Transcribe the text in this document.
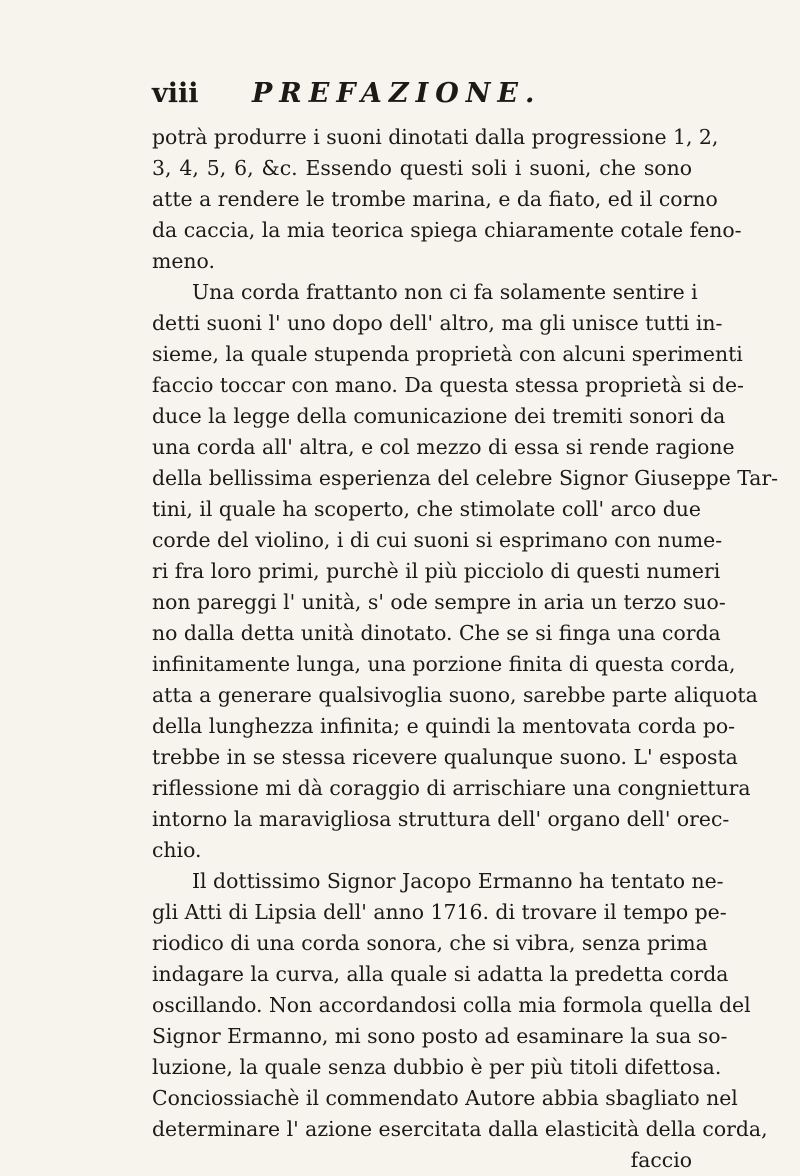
viii PREFAZIONE.
potrà produrre i suoni dinotati dalla progressione 1, 2,
3, 4, 5, 6, &c. Essendo questi soli i suoni, che sono
atte a rendere le trombe marina, e da fiato, ed il corno
da caccia, la mia teorica spiega chiaramente cotale feno-
meno.
Una corda frattanto non ci fa solamente sentire i
detti suoni l' uno dopo dell' altro, ma gli unisce tutti in-
sieme, la quale stupenda proprietà con alcuni sperimenti
faccio toccar con mano. Da questa stessa proprietà si de-
duce la legge della comunicazione dei tremiti sonori da
una corda all' altra, e col mezzo di essa si rende ragione
della bellissima esperienza del celebre Signor Giuseppe Tar-
tini, il quale ha scoperto, che stimolate coll' arco due
corde del violino, i di cui suoni si esprimano con nume-
ri fra loro primi, purchè il più picciolo di questi numeri
non pareggi l' unità, s' ode sempre in aria un terzo suo-
no dalla detta unità dinotato. Che se si finga una corda
infinitamente lunga, una porzione finita di questa corda,
atta a generare qualsivoglia suono, sarebbe parte aliquota
della lunghezza infinita; e quindi la mentovata corda po-
trebbe in se stessa ricevere qualunque suono. L' esposta
riflessione mi dà coraggio di arrischiare una congniettura
intorno la maravigliosa struttura dell' organo dell' orec-
chio.
Il dottissimo Signor Jacopo Ermanno ha tentato ne-
gli Atti di Lipsia dell' anno 1716. di trovare il tempo pe-
riodico di una corda sonora, che si vibra, senza prima
indagare la curva, alla quale si adatta la predetta corda
oscillando. Non accordandosi colla mia formola quella del
Signor Ermanno, mi sono posto ad esaminare la sua so-
luzione, la quale senza dubbio è per più titoli difettosa.
Conciossiachè il commendato Autore abbia sbagliato nel
determinare l' azione esercitata dalla elasticità della corda,
faccio
